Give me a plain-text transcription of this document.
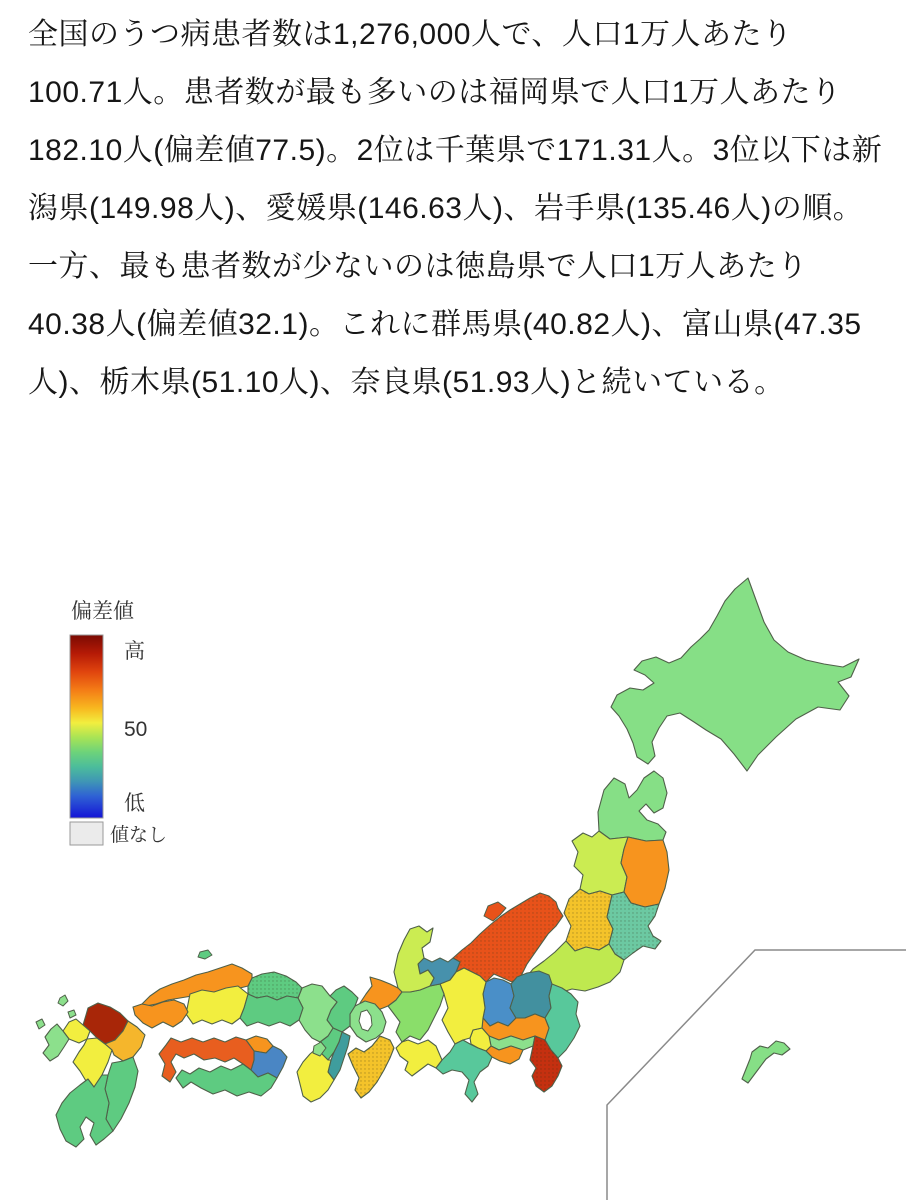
全国のうつ病患者数は1,276,000人で、人口1万人あたり100.71人。患者数が最も多いのは福岡県で人口1万人あたり182.10人(偏差値77.5)。2位は千葉県で171.31人。3位以下は新潟県(149.98人)、愛媛県(146.63人)、岩手県(135.46人)の順。一方、最も患者数が少ないのは徳島県で人口1万人あたり40.38人(偏差値32.1)。これに群馬県(40.82人)、富山県(47.35人)、栃木県(51.10人)、奈良県(51.93人)と続いている。
偏差値
高
50
低
値なし
